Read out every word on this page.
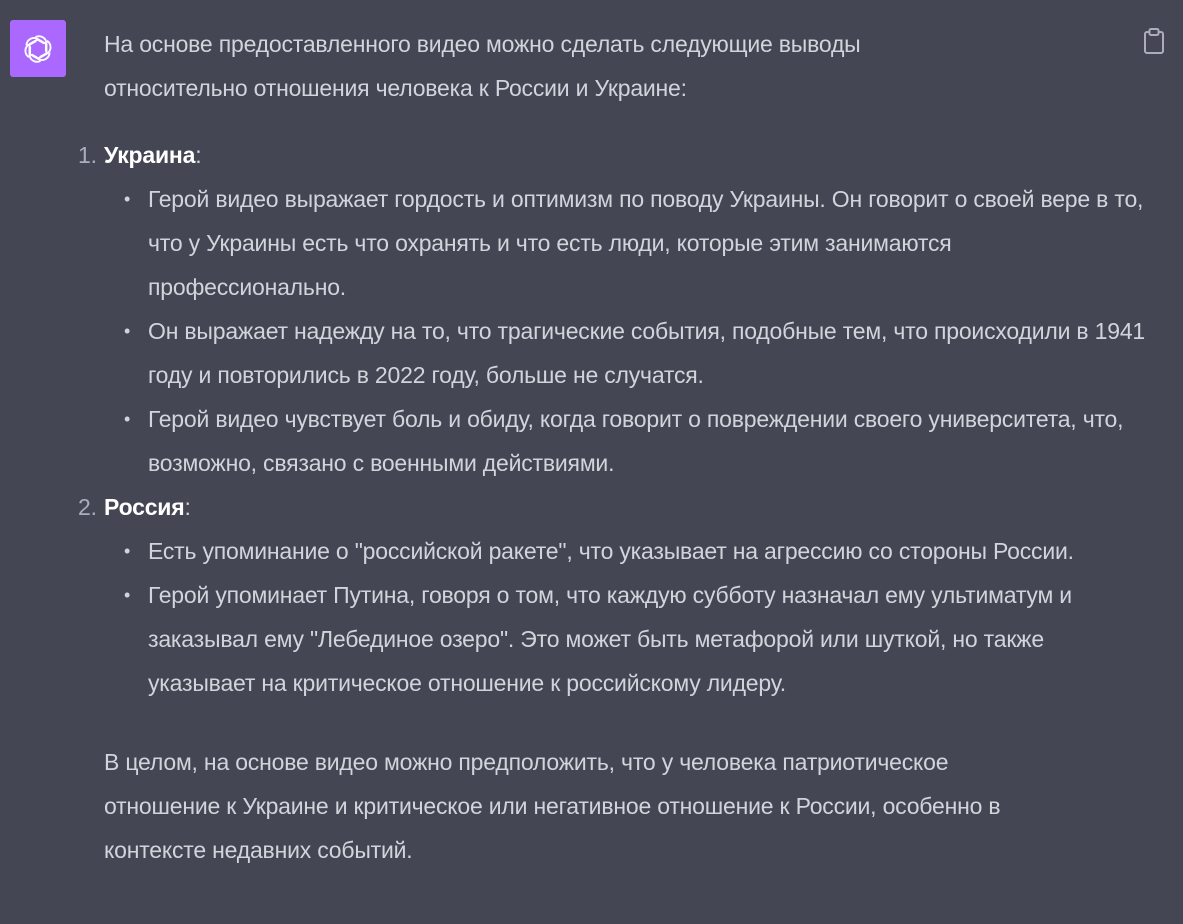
На основе предоставленного видео можно сделать следующие выводы относительно отношения человека к России и Украине:

1. Украина:
• Герой видео выражает гордость и оптимизм по поводу Украины. Он говорит о своей вере в то, что у Украины есть что охранять и что есть люди, которые этим занимаются профессионально.
• Он выражает надежду на то, что трагические события, подобные тем, что происходили в 1941 году и повторились в 2022 году, больше не случатся.
• Герой видео чувствует боль и обиду, когда говорит о повреждении своего университета, что, возможно, связано с военными действиями.
2. Россия:
• Есть упоминание о "российской ракете", что указывает на агрессию со стороны России.
• Герой упоминает Путина, говоря о том, что каждую субботу назначал ему ультиматум и заказывал ему "Лебединое озеро". Это может быть метафорой или шуткой, но также указывает на критическое отношение к российскому лидеру.

В целом, на основе видео можно предположить, что у человека патриотическое отношение к Украине и критическое или негативное отношение к России, особенно в контексте недавних событий.
